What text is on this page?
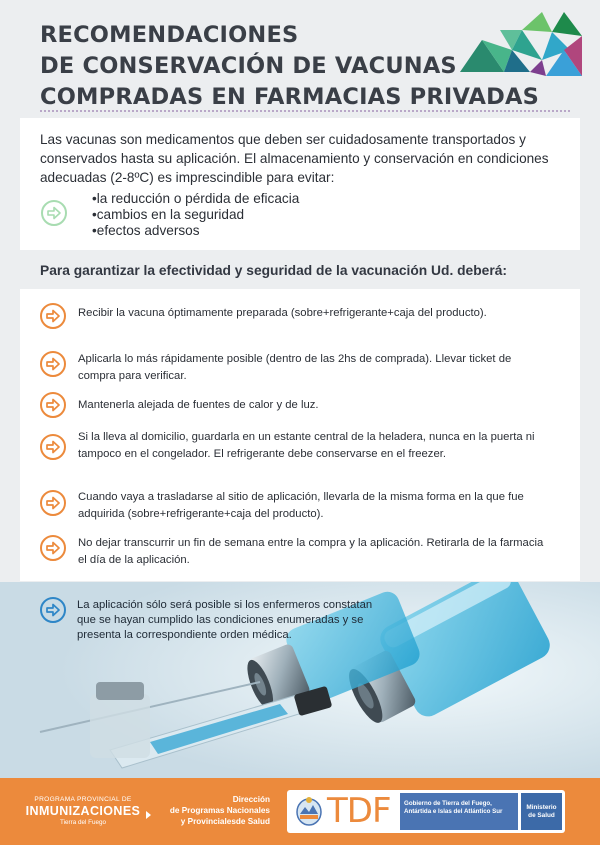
RECOMENDACIONES
DE CONSERVACIÓN DE VACUNAS
COMPRADAS EN FARMACIAS PRIVADAS
Las vacunas son medicamentos que deben ser cuidadosamente transportados y conservados hasta su aplicación. El almacenamiento y conservación en condiciones adecuadas (2-8ºC) es imprescindible para evitar:
•la reducción o pérdida de eficacia
•cambios en la seguridad
•efectos adversos
Para garantizar la efectividad y seguridad de la vacunación Ud. deberá:
Recibir la vacuna óptimamente preparada (sobre+refrigerante+caja del producto).
Aplicarla lo más rápidamente posible (dentro de las 2hs de comprada). Llevar ticket de compra para verificar.
Mantenerla alejada de fuentes de calor y de luz.
Si la lleva al domicilio, guardarla en un estante central de la heladera, nunca en la puerta ni tampoco en el congelador. El refrigerante debe conservarse en el freezer.
Cuando vaya a trasladarse al sitio de aplicación, llevarla de la misma forma en la que fue adquirida (sobre+refrigerante+caja del producto).
No dejar transcurrir un fin de semana entre la compra y la aplicación. Retirarla de la farmacia el día de la aplicación.
La aplicación sólo será posible si los enfermeros constatan que se hayan cumplido las condiciones enumeradas y se presenta la correspondiente orden médica.
PROGRAMA PROVINCIAL DE
INMUNIZACIONES
Tierra del Fuego
Dirección
de Programas Nacionales
y Provincialesde Salud TDF	Gobierno de Tierra del Fuego, Antártida e Islas del Atlántico Sur
Ministerio
de Salud
